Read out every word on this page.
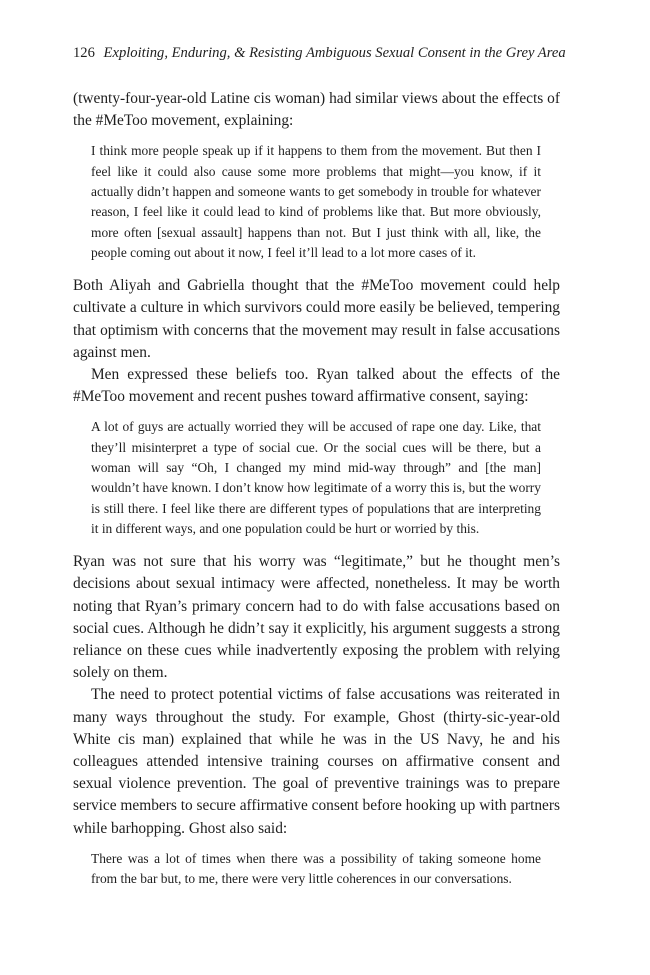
126 Exploiting, Enduring, & Resisting Ambiguous Sexual Consent in the Grey Area

(twenty-four-year-old Latine cis woman) had similar views about the effects of the #MeToo movement, explaining:

I think more people speak up if it happens to them from the movement. But then I feel like it could also cause some more problems that might—you know, if it actually didn’t happen and someone wants to get somebody in trouble for whatever reason, I feel like it could lead to kind of problems like that. But more obviously, more often [sexual assault] happens than not. But I just think with all, like, the people coming out about it now, I feel it’ll lead to a lot more cases of it.

Both Aliyah and Gabriella thought that the #MeToo movement could help cultivate a culture in which survivors could more easily be believed, tempering that optimism with concerns that the movement may result in false accusations against men.

Men expressed these beliefs too. Ryan talked about the effects of the #MeToo movement and recent pushes toward affirmative consent, saying:

A lot of guys are actually worried they will be accused of rape one day. Like, that they’ll misinterpret a type of social cue. Or the social cues will be there, but a woman will say “Oh, I changed my mind mid-way through” and [the man] wouldn’t have known. I don’t know how legitimate of a worry this is, but the worry is still there. I feel like there are different types of populations that are interpreting it in different ways, and one population could be hurt or worried by this.

Ryan was not sure that his worry was “legitimate,” but he thought men’s decisions about sexual intimacy were affected, nonetheless. It may be worth noting that Ryan’s primary concern had to do with false accusations based on social cues. Although he didn’t say it explicitly, his argument suggests a strong reliance on these cues while inadvertently exposing the problem with relying solely on them.

The need to protect potential victims of false accusations was reiterated in many ways throughout the study. For example, Ghost (thirty-sic-year-old White cis man) explained that while he was in the US Navy, he and his colleagues attended intensive training courses on affirmative consent and sexual violence prevention. The goal of preventive trainings was to prepare service members to secure affirmative consent before hooking up with partners while barhopping. Ghost also said:

There was a lot of times when there was a possibility of taking someone home from the bar but, to me, there were very little coherences in our conversations.
